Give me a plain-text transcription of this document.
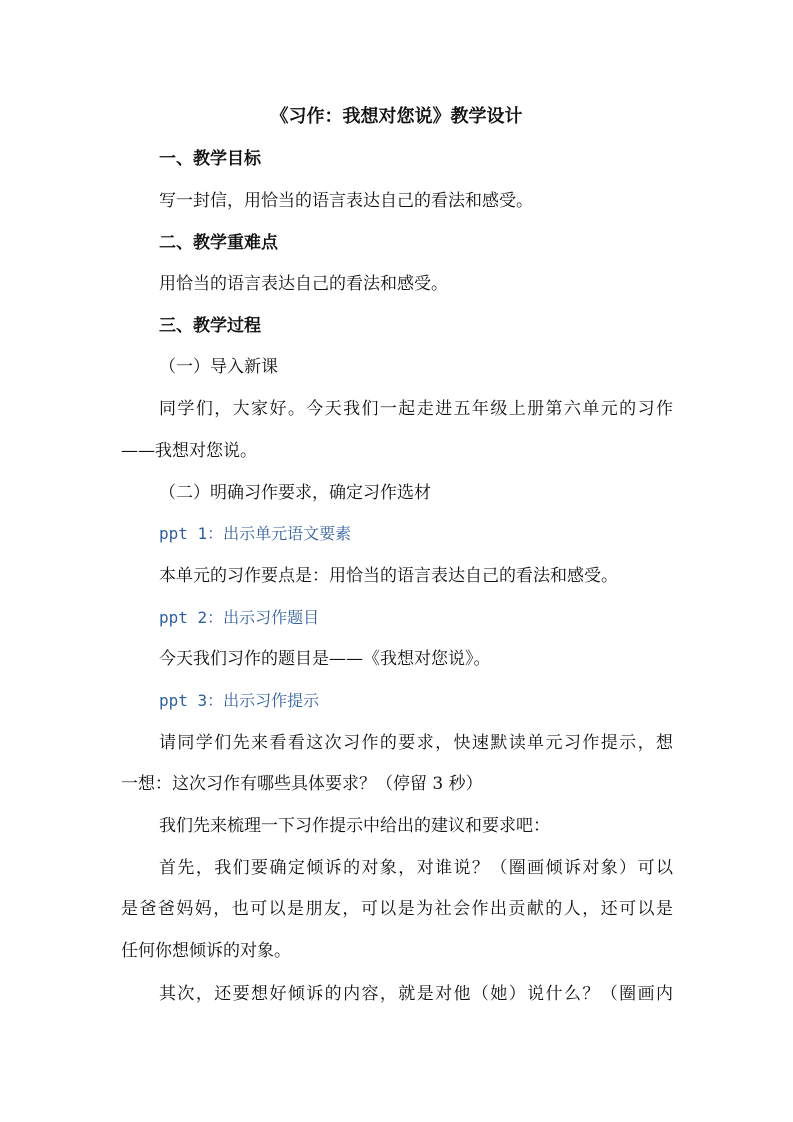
《习作：我想对您说》教学设计
一、教学目标
写一封信，用恰当的语言表达自己的看法和感受。
二、教学重难点
用恰当的语言表达自己的看法和感受。
三、教学过程
（一）导入新课
同学们，大家好。今天我们一起走进五年级上册第六单元的习作
——我想对您说。
（二）明确习作要求，确定习作选材
ppt 1：出示单元语文要素
本单元的习作要点是：用恰当的语言表达自己的看法和感受。
ppt 2：出示习作题目
今天我们习作的题目是——《我想对您说》。
ppt 3：出示习作提示
请同学们先来看看这次习作的要求，快速默读单元习作提示，想
一想：这次习作有哪些具体要求？（停留 3 秒）
我们先来梳理一下习作提示中给出的建议和要求吧：
首先，我们要确定倾诉的对象，对谁说？（圈画倾诉对象）可以
是爸爸妈妈，也可以是朋友，可以是为社会作出贡献的人，还可以是
任何你想倾诉的对象。
其次，还要想好倾诉的内容，就是对他（她）说什么？（圈画内
